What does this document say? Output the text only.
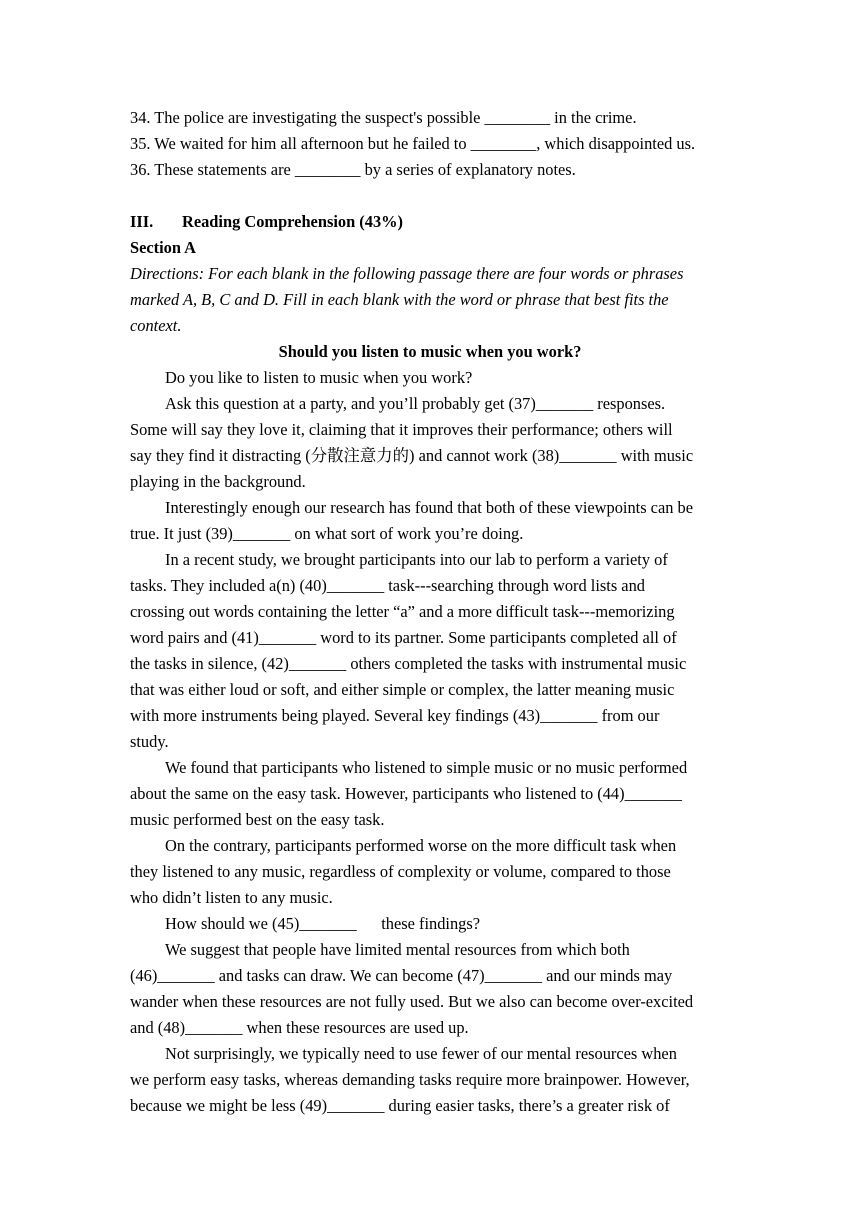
34. The police are investigating the suspect's possible ________ in the crime.
35. We waited for him all afternoon but he failed to ________, which disappointed us.
36. These statements are ________ by a series of explanatory notes.
III. Reading Comprehension (43%)
Section A
Directions: For each blank in the following passage there are four words or phrases
marked A, B, C and D. Fill in each blank with the word or phrase that best fits the
context.
Should you listen to music when you work?
Do you like to listen to music when you work?
Ask this question at a party, and you’ll probably get (37)_______ responses.
Some will say they love it, claiming that it improves their performance; others will
say they find it distracting (分散注意力的) and cannot work (38)_______ with music
playing in the background.
Interestingly enough our research has found that both of these viewpoints can be
true. It just (39)_______ on what sort of work you’re doing.
In a recent study, we brought participants into our lab to perform a variety of
tasks. They included a(n) (40)_______ task---searching through word lists and
crossing out words containing the letter “a” and a more difficult task---memorizing
word pairs and (41)_______ word to its partner. Some participants completed all of
the tasks in silence, (42)_______ others completed the tasks with instrumental music
that was either loud or soft, and either simple or complex, the latter meaning music
with more instruments being played. Several key findings (43)_______ from our
study.
We found that participants who listened to simple music or no music performed
about the same on the easy task. However, participants who listened to (44)_______
music performed best on the easy task.
On the contrary, participants performed worse on the more difficult task when
they listened to any music, regardless of complexity or volume, compared to those
who didn’t listen to any music.
How should we (45)_______      these findings?
We suggest that people have limited mental resources from which both
(46)_______ and tasks can draw. We can become (47)_______ and our minds may
wander when these resources are not fully used. But we also can become over-excited
and (48)_______ when these resources are used up.
Not surprisingly, we typically need to use fewer of our mental resources when
we perform easy tasks, whereas demanding tasks require more brainpower. However,
because we might be less (49)_______ during easier tasks, there’s a greater risk of
